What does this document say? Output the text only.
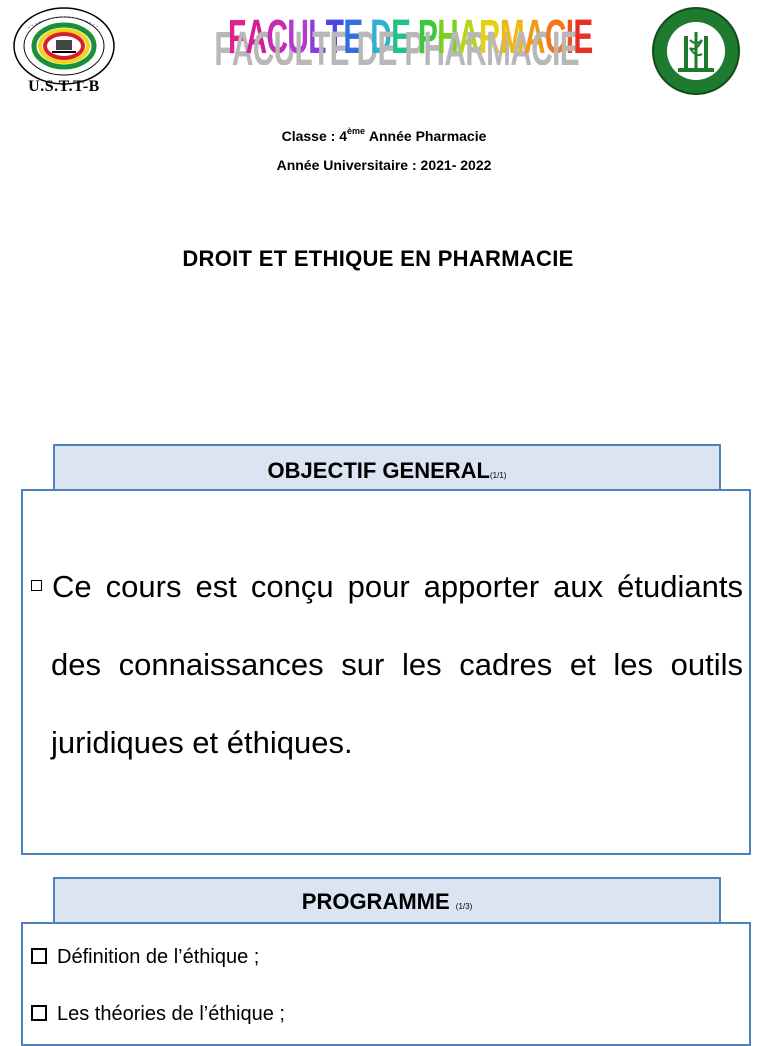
U.S.T.T-B
FACULTE DE PHARMACIE
Classe : 4ème Année Pharmacie
Année Universitaire : 2021- 2022
DROIT ET ETHIQUE EN PHARMACIE
OBJECTIF GENERAL(1/1)
Ce cours est conçu pour apporter aux étudiants
des connaissances sur les cadres et les outils
juridiques et éthiques.
PROGRAMME (1/3)
Définition de l’éthique ;
Les théories de l’éthique ;
